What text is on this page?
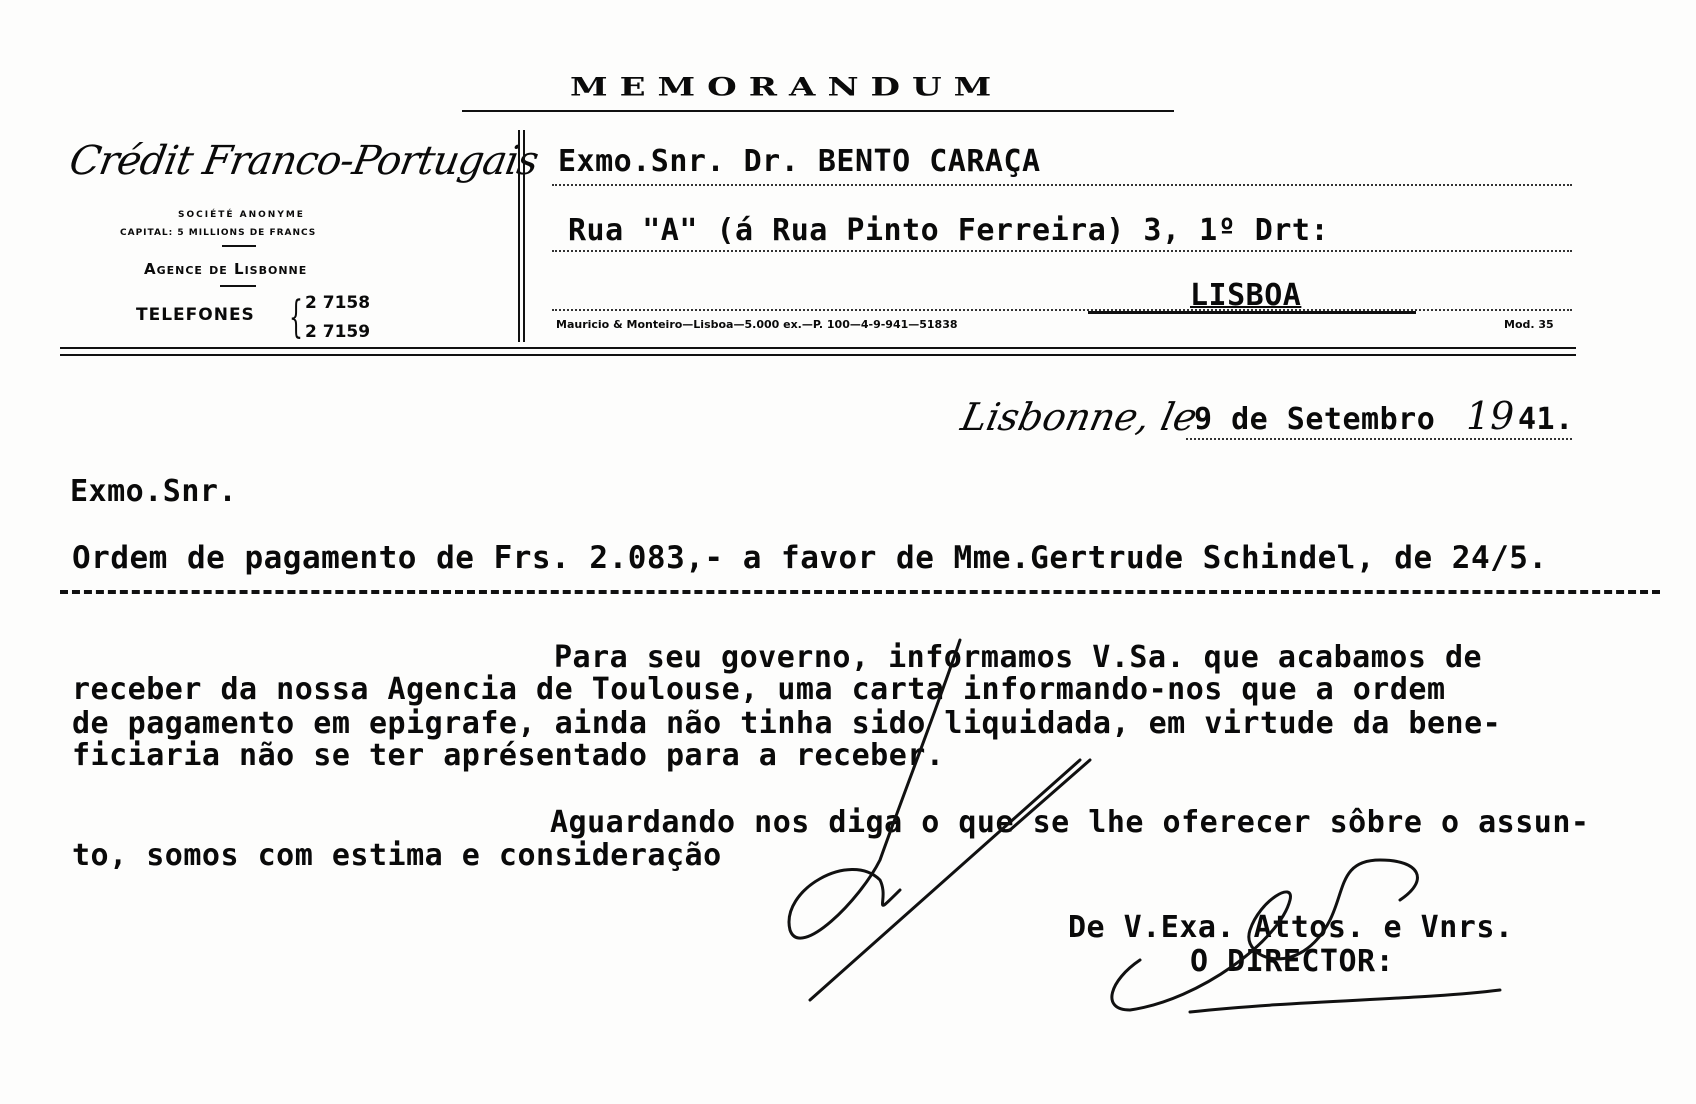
MEMORANDUM
Crédit Franco-Portugais
SOCIÉTÉ ANONYME
CAPITAL: 5 MILLIONS DE FRANCS
Agence de Lisbonne
TELEFONES { 2 7158
2 7159
Exmo.Snr. Dr. BENTO CARAÇA
Rua "A" (á Rua Pinto Ferreira) 3, 1º Drt:
LISBOA
Mauricio & Monteiro—Lisboa—5.000 ex.—P. 100—4-9-941—51838	Mod. 35
Lisbonne, le
9 de Setembro 19 41.
Exmo.Snr.
Ordem de pagamento de Frs. 2.083,- a favor de Mme.Gertrude Schindel, de 24/5.
Para seu governo, informamos V.Sa. que acabamos de
receber da nossa Agencia de Toulouse, uma carta informando-nos que a ordem
de pagamento em epigrafe, ainda não tinha sido liquidada, em virtude da bene-
ficiaria não se ter aprésentado para a receber.
Aguardando nos diga o que se lhe oferecer sôbre o assun-
to, somos com estima e consideração
De V.Exa. Attos. e Vnrs.
O DIRECTOR:
